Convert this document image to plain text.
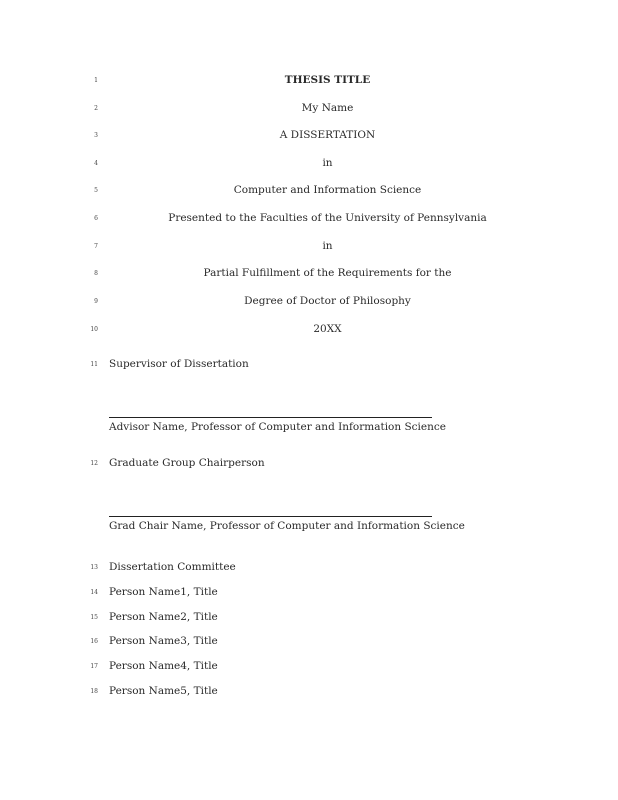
1
2
3
4
5
6
7
8
9
10
11
12
13
14
15
16
17
18
THESIS TITLE
My Name
A DISSERTATION
in
Computer and Information Science
Presented to the Faculties of the University of Pennsylvania
in
Partial Fulfillment of the Requirements for the
Degree of Doctor of Philosophy
20XX
Supervisor of Dissertation
Advisor Name, Professor of Computer and Information Science
Graduate Group Chairperson
Grad Chair Name, Professor of Computer and Information Science
Dissertation Committee
Person Name1, Title
Person Name2, Title
Person Name3, Title
Person Name4, Title
Person Name5, Title
